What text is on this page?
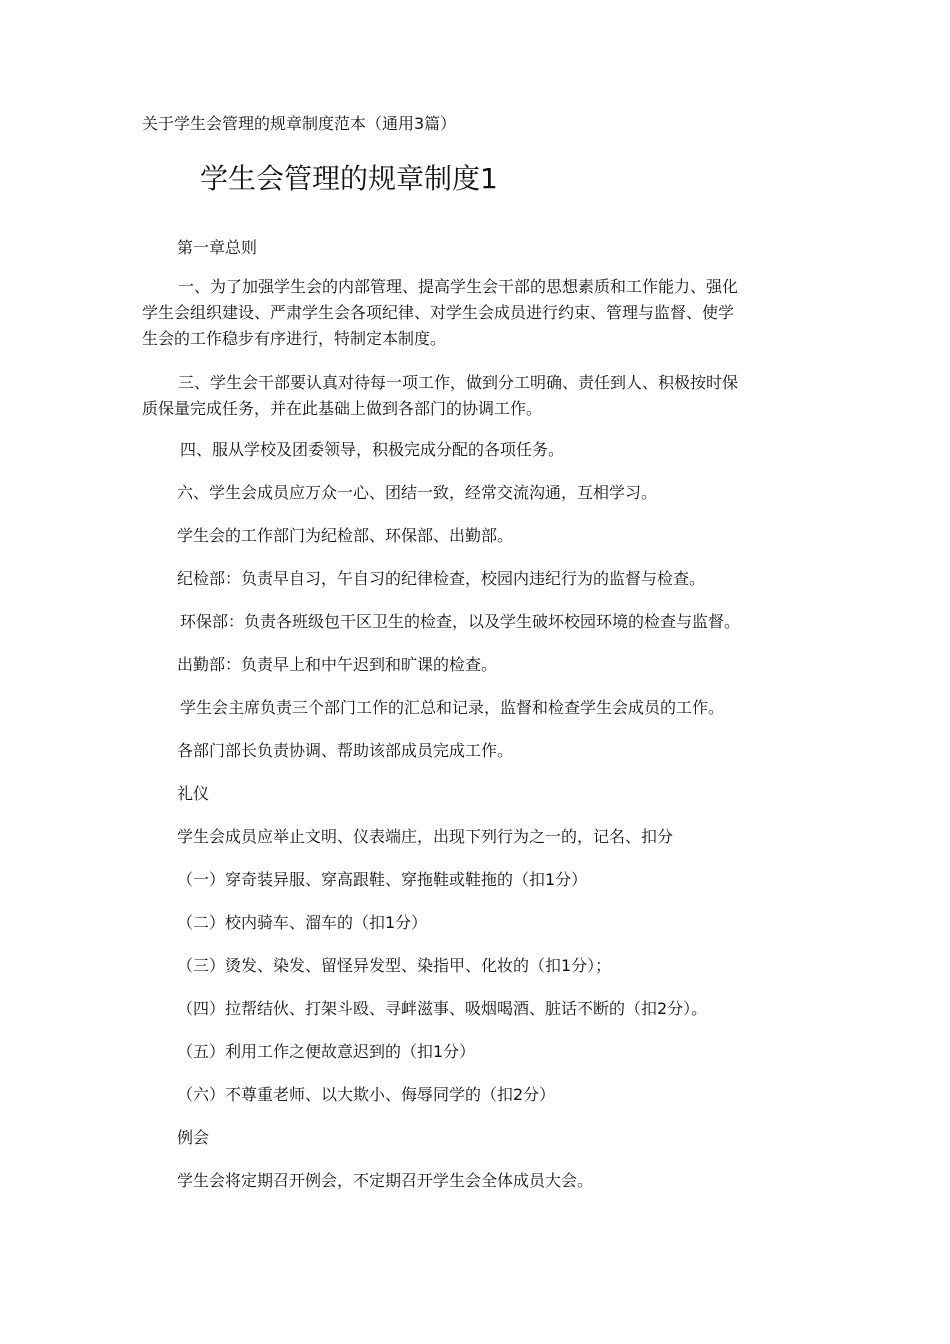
关于学生会管理的规章制度范本（通用3篇）
学生会管理的规章制度1
第一章总则
一、为了加强学生会的内部管理、提高学生会干部的思想素质和工作能力、强化
学生会组织建设、严肃学生会各项纪律、对学生会成员进行约束、管理与监督、使学
生会的工作稳步有序进行，特制定本制度。
三、学生会干部要认真对待每一项工作，做到分工明确、责任到人、积极按时保
质保量完成任务，并在此基础上做到各部门的协调工作。
四、服从学校及团委领导，积极完成分配的各项任务。
六、学生会成员应万众一心、团结一致，经常交流沟通，互相学习。
学生会的工作部门为纪检部、环保部、出勤部。
纪检部：负责早自习，午自习的纪律检查，校园内违纪行为的监督与检查。
环保部：负责各班级包干区卫生的检查，以及学生破坏校园环境的检查与监督。
出勤部：负责早上和中午迟到和旷课的检查。
学生会主席负责三个部门工作的汇总和记录，监督和检查学生会成员的工作。
各部门部长负责协调、帮助该部成员完成工作。
礼仪
学生会成员应举止文明、仪表端庄，出现下列行为之一的，记名、扣分
（一）穿奇装异服、穿高跟鞋、穿拖鞋或鞋拖的（扣1分）
（二）校内骑车、溜车的（扣1分）
（三）烫发、染发、留怪异发型、染指甲、化妆的（扣1分）；
（四）拉帮结伙、打架斗殴、寻衅滋事、吸烟喝酒、脏话不断的（扣2分）。
（五）利用工作之便故意迟到的（扣1分）
（六）不尊重老师、以大欺小、侮辱同学的（扣2分）
例会
学生会将定期召开例会，不定期召开学生会全体成员大会。
